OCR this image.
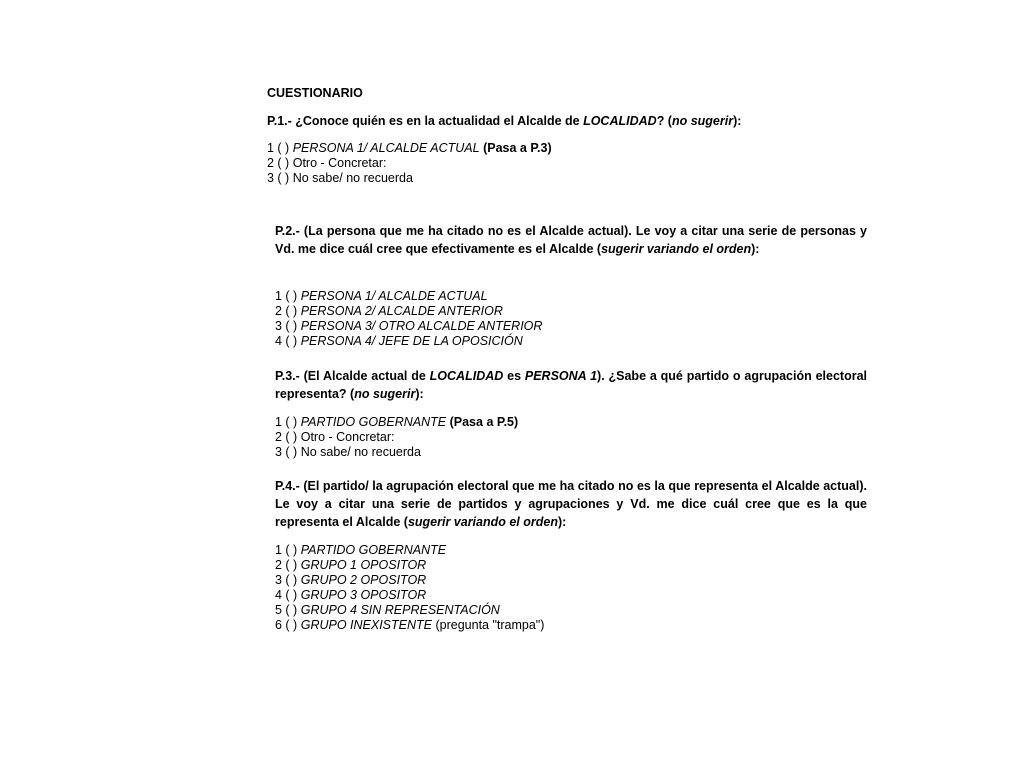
CUESTIONARIO

P.1.- ¿Conoce quién es en la actualidad el Alcalde de LOCALIDAD? (no sugerir):

1 ( ) PERSONA 1/ ALCALDE ACTUAL (Pasa a P.3)
2 ( ) Otro - Concretar:
3 ( ) No sabe/ no recuerda

P.2.- (La persona que me ha citado no es el Alcalde actual). Le voy a citar una serie de personas y Vd. me dice cuál cree que efectivamente es el Alcalde (sugerir variando el orden):

1 ( ) PERSONA 1/ ALCALDE ACTUAL
2 ( ) PERSONA 2/ ALCALDE ANTERIOR
3 ( ) PERSONA 3/ OTRO ALCALDE ANTERIOR
4 ( ) PERSONA 4/ JEFE DE LA OPOSICIÓN

P.3.- (El Alcalde actual de LOCALIDAD es PERSONA 1). ¿Sabe a qué partido o agrupación electoral representa? (no sugerir):

1 ( ) PARTIDO GOBERNANTE (Pasa a P.5)
2 ( ) Otro - Concretar:
3 ( ) No sabe/ no recuerda

P.4.- (El partido/ la agrupación electoral que me ha citado no es la que representa el Alcalde actual). Le voy a citar una serie de partidos y agrupaciones y Vd. me dice cuál cree que es la que representa el Alcalde (sugerir variando el orden):

1 ( ) PARTIDO GOBERNANTE
2 ( ) GRUPO 1 OPOSITOR
3 ( ) GRUPO 2 OPOSITOR
4 ( ) GRUPO 3 OPOSITOR
5 ( ) GRUPO 4 SIN REPRESENTACIÓN
6 ( ) GRUPO INEXISTENTE (pregunta "trampa")
